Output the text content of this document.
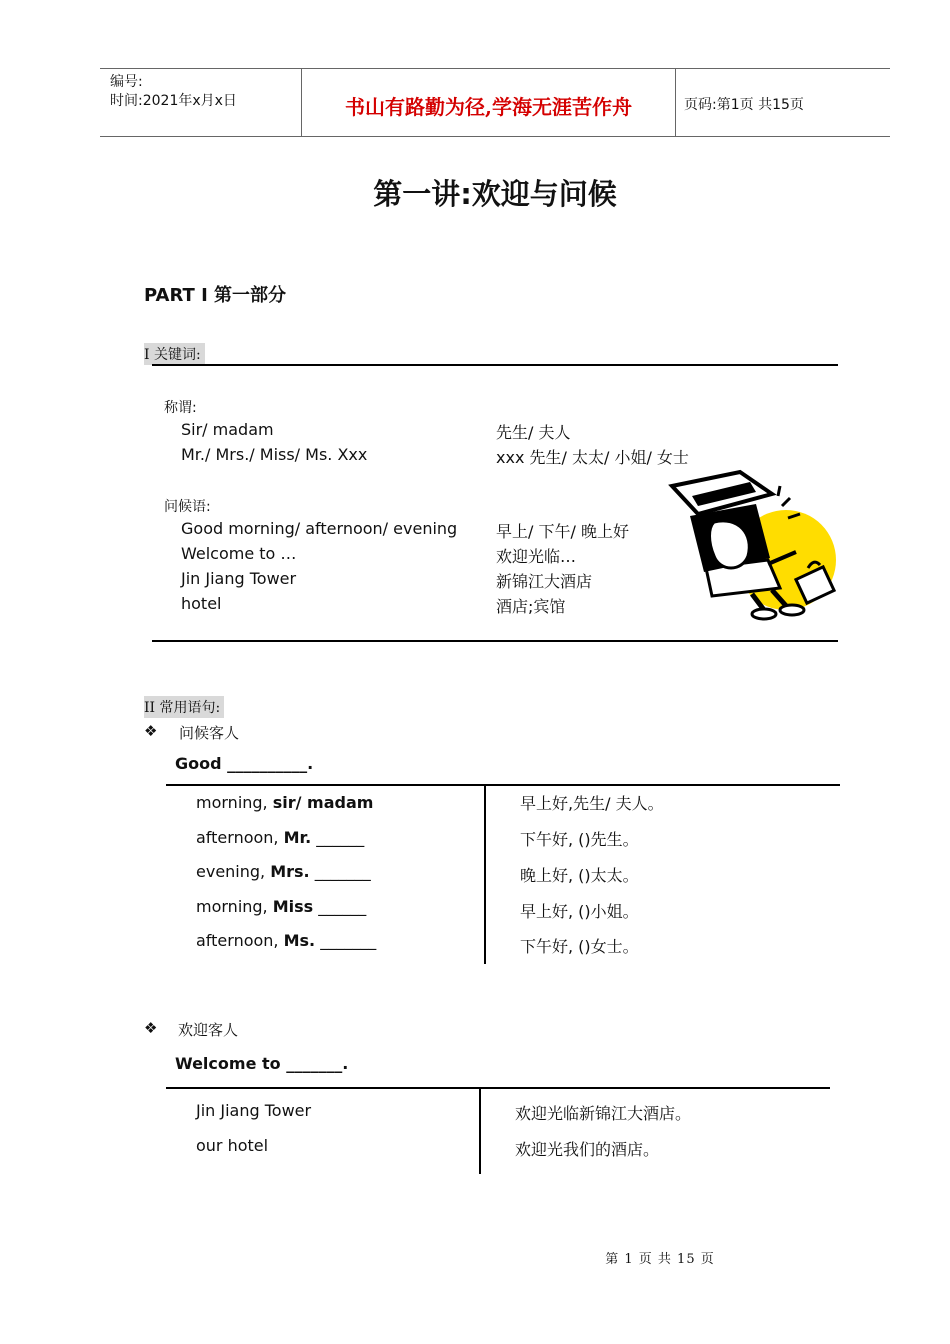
编号:
时间:2021年x月x日	书山有路勤为径,学海无涯苦作舟	页码:第1页 共15页
第一讲:欢迎与问候
PART I 第一部分
I 关键词:
称谓:
Sir/ madam	先生/ 夫人
Mr./ Mrs./ Miss/ Ms. Xxx	xxx 先生/ 太太/ 小姐/ 女士
问候语:
Good morning/ afternoon/ evening 早上/ 下午/ 晚上好
Welcome to …	欢迎光临…
Jin Jiang Tower	新锦江大酒店
hotel	酒店;宾馆
II 常用语句:
❖ 问候客人
Good __________.
morning, sir/ madam	早上好,先生/ 夫人。
afternoon, Mr. ______	下午好, ()先生。
evening, Mrs. _______	晚上好, ()太太。
morning, Miss ______	早上好, ()小姐。
afternoon, Ms. _______	下午好, ()女士。
❖ 欢迎客人
Welcome to _______.
Jin Jiang Tower	欢迎光临新锦江大酒店。
our hotel	欢迎光我们的酒店。
第 1 页 共 15 页
